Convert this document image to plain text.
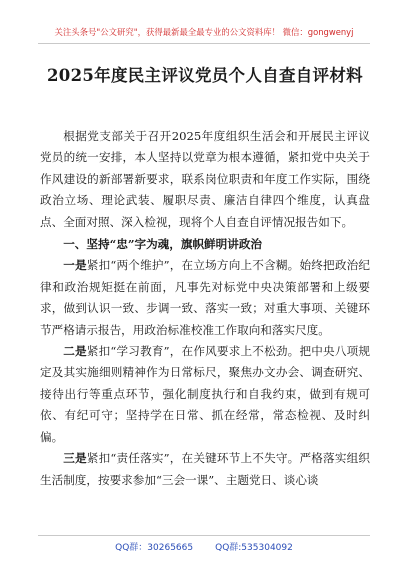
关注头条号"公文研究"，获得最新最全最专业的公文资料库！ 微信：gongwenyj
2025年度民主评议党员个人自查自评材料

根据党支部关于召开2025年度组织生活会和开展民主评议党员的统一安排，本人坚持以党章为根本遵循，紧扣党中央关于作风建设的新部署新要求，联系岗位职责和年度工作实际，围绕政治立场、理论武装、履职尽责、廉洁自律四个维度，认真盘点、全面对照、深入检视，现将个人自查自评情况报告如下。

一、坚持“忠”字为魂，旗帜鲜明讲政治

一是紧扣“两个维护”，在立场方向上不含糊。始终把政治纪律和政治规矩挺在前面，凡事先对标党中央决策部署和上级要求，做到认识一致、步调一致、落实一致；对重大事项、关键环节严格请示报告，用政治标准校准工作取向和落实尺度。

二是紧扣“学习教育”，在作风要求上不松劲。把中央八项规定及其实施细则精神作为日常标尺，聚焦办文办会、调查研究、接待出行等重点环节，强化制度执行和自我约束，做到有规可依、有纪可守；坚持学在日常、抓在经常，常态检视、及时纠偏。

三是紧扣“责任落实”，在关键环节上不失守。严格落实组织生活制度，按要求参加“三会一课”、主题党日、谈心谈

QQ群：30265665 QQ群:535304092
